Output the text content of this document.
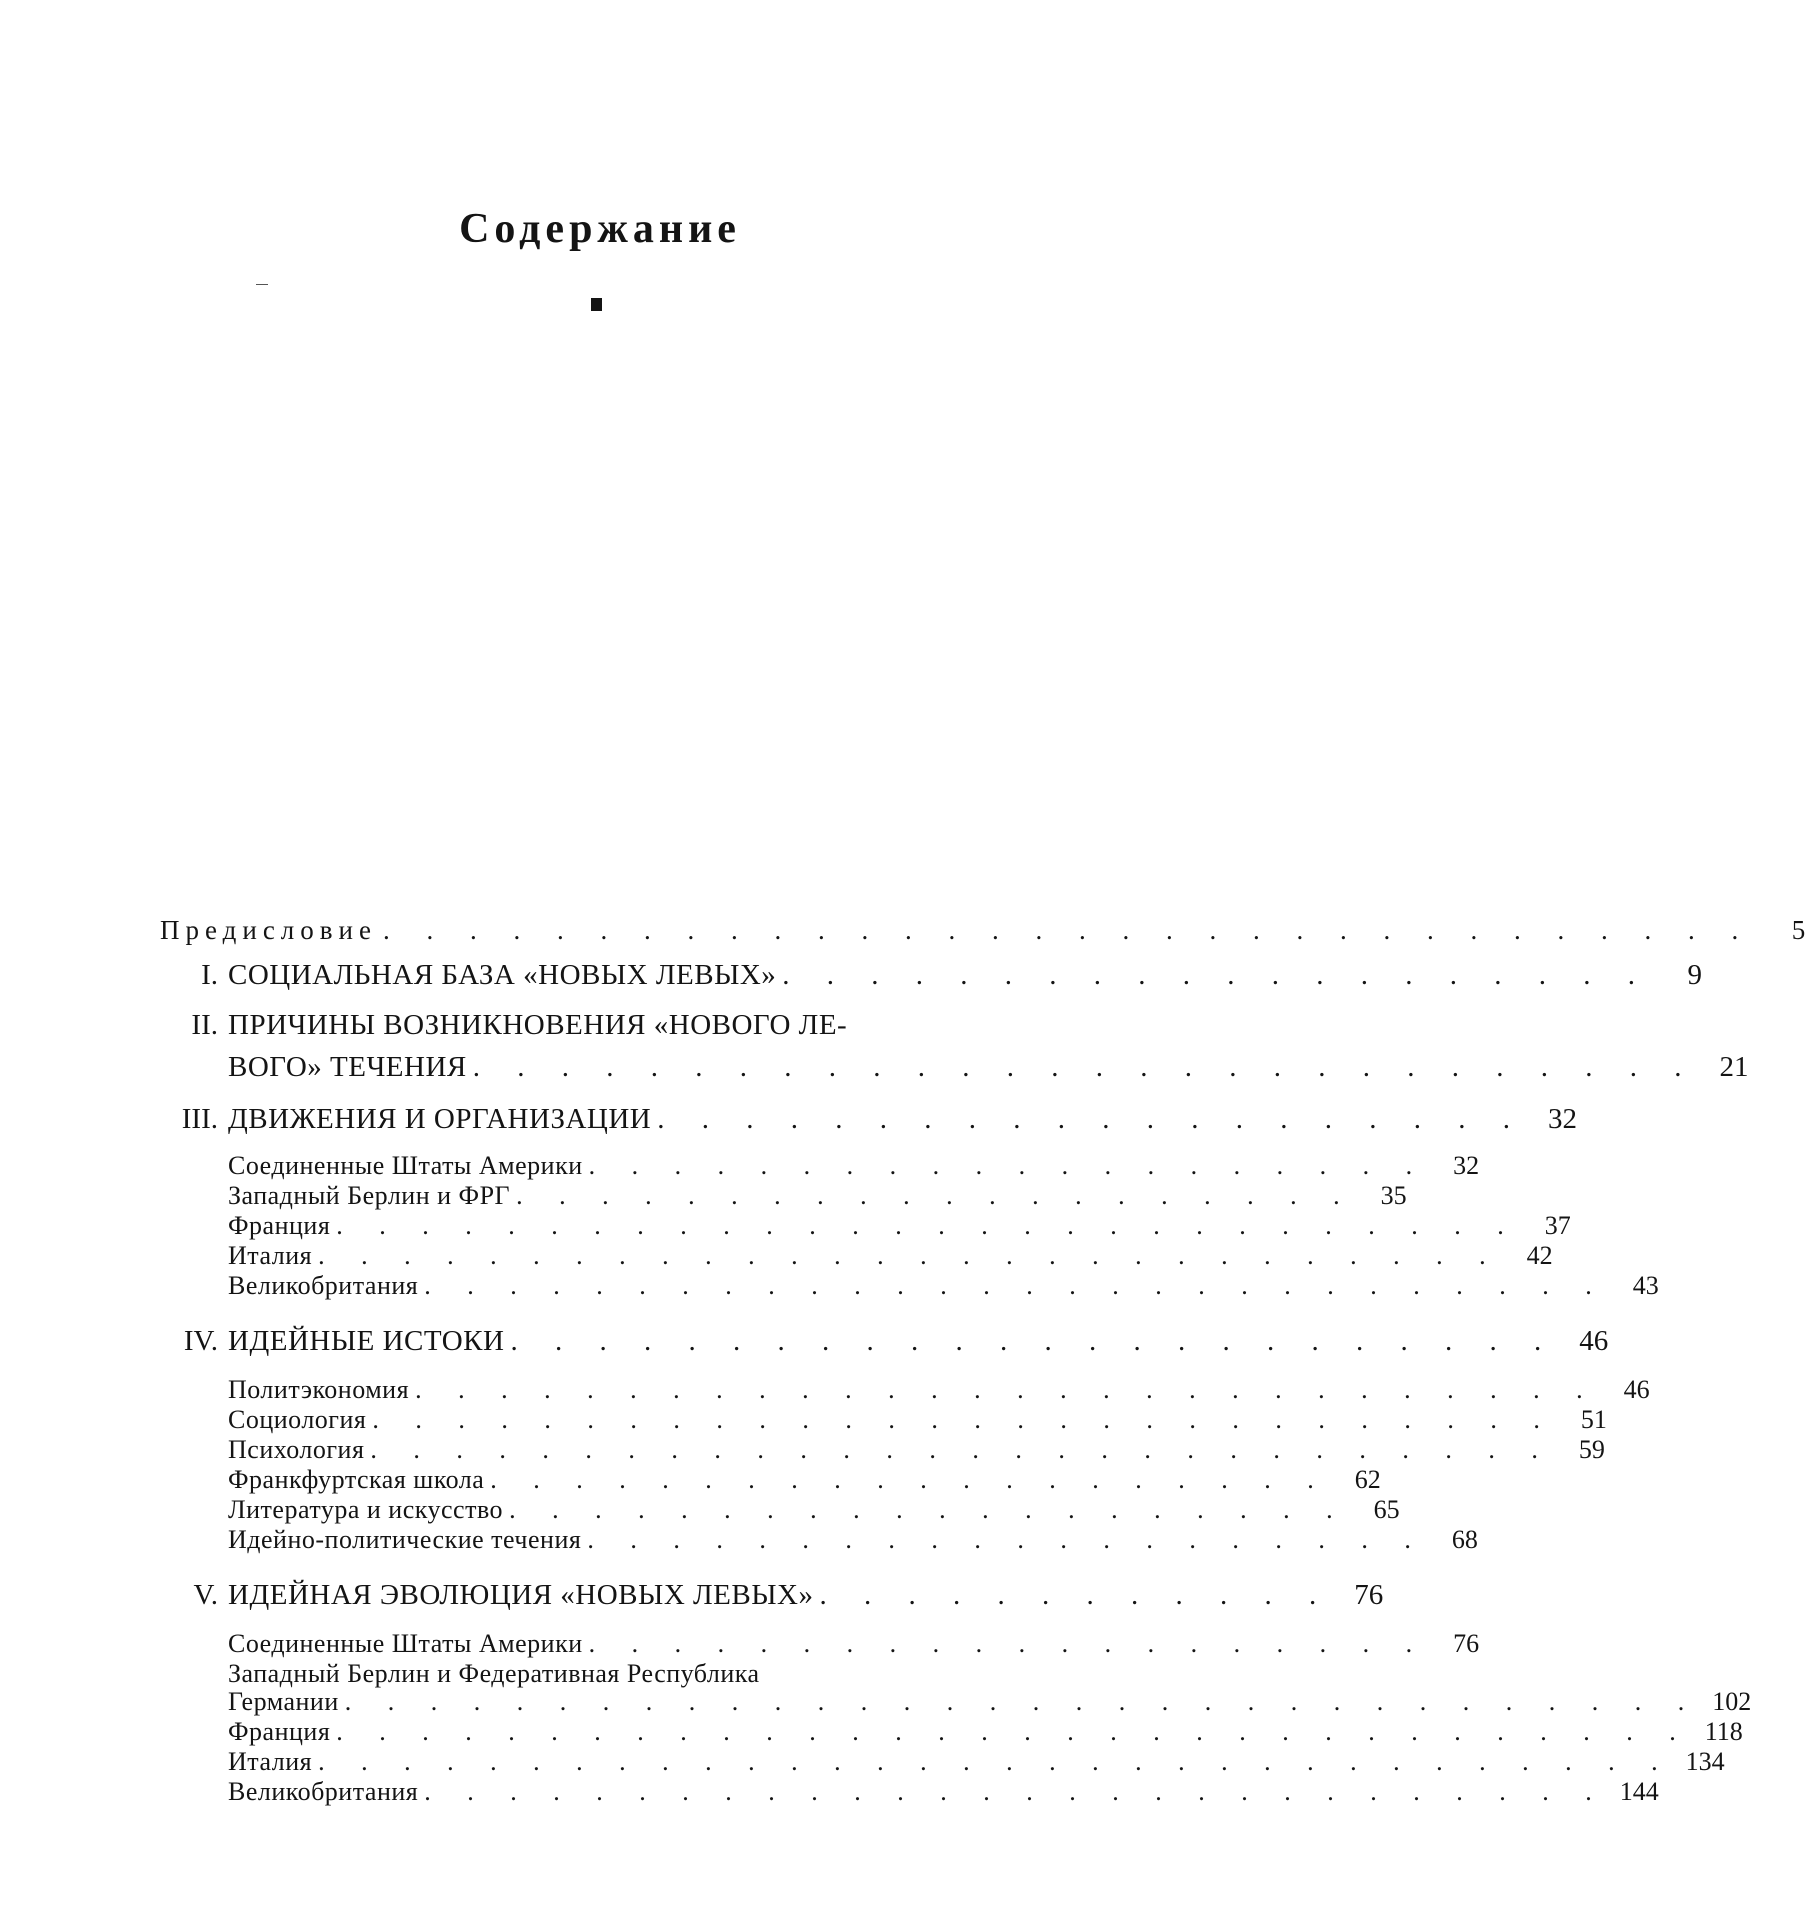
Содержание
Предисловие . . . . . . . . . . . . . . . . . . . . . . . . . . . . . . . .	5
I. СОЦИАЛЬНАЯ БАЗА «НОВЫХ ЛЕВЫХ» . . . . . . . . . . . . . . . . . . . .	9
II. ПРИЧИНЫ ВОЗНИКНОВЕНИЯ «НОВОГО ЛЕ-
ВОГО» ТЕЧЕНИЯ . . . . . . . . . . . . . . . . . . . . . . . . . . . . 21
III. ДВИЖЕНИЯ И ОРГАНИЗАЦИИ . . . . . . . . . . . . . . . . . . . . 32
Соединенные Штаты Америки . . . . . . . . . . . . . . . . . . . .	32
Западный Берлин и ФРГ . . . . . . . . . . . . . . . . . . . .	35
Франция . . . . . . . . . . . . . . . . . . . . . . . . . . . .	37
Италия . . . . . . . . . . . . . . . . . . . . . . . . . . . .	42
Великобритания . . . . . . . . . . . . . . . . . . . . . . . . . . . .	43
IV. ИДЕЙНЫЕ ИСТОКИ . . . . . . . . . . . . . . . . . . . . . . . . 46
Политэкономия . . . . . . . . . . . . . . . . . . . . . . . . . . . .	46
Социология . . . . . . . . . . . . . . . . . . . . . . . . . . . .	51
Психология . . . . . . . . . . . . . . . . . . . . . . . . . . . .	59
Франкфуртская школа . . . . . . . . . . . . . . . . . . . .	62
Литература и искусство . . . . . . . . . . . . . . . . . . . .	65
Идейно-политические течения . . . . . . . . . . . . . . . . . . . .	68
V. ИДЕЙНАЯ ЭВОЛЮЦИЯ «НОВЫХ ЛЕВЫХ» . . . . . . . . . . . . 76
Соединенные Штаты Америки . . . . . . . . . . . . . . . . . . . .	76
Западный Берлин и Федеративная Республика
Германии . . . . . . . . . . . . . . . . . . . . . . . . . . . . . . . . 102
Франция . . . . . . . . . . . . . . . . . . . . . . . . . . . . . . . . 118
Италия . . . . . . . . . . . . . . . . . . . . . . . . . . . . . . . . 134
Великобритания . . . . . . . . . . . . . . . . . . . . . . . . . . . . 144
